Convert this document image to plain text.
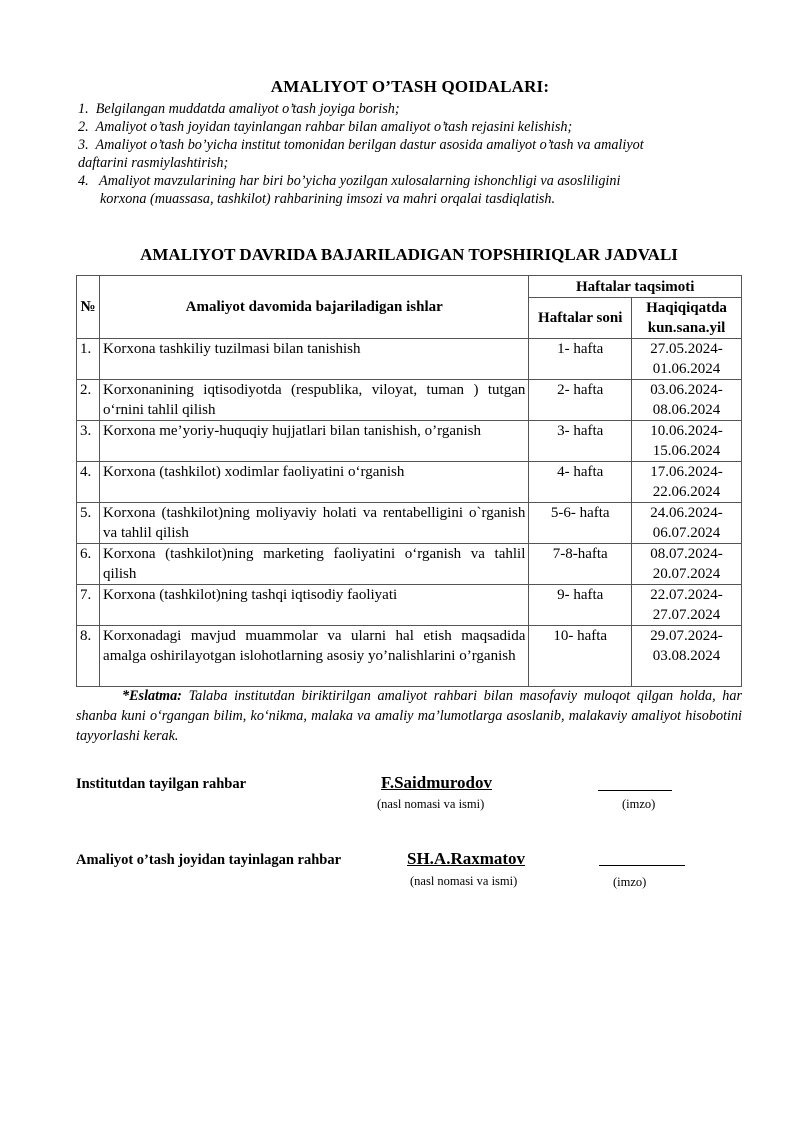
AMALIYOT O’TASH QOIDALARI:

1. Belgilangan muddatda amaliyot o’tash joyiga borish;

2. Amaliyot o’tash joyidan tayinlangan rahbar bilan amaliyot o’tash rejasini kelishish;

3. Amaliyot o’tash bo’yicha institut tomonidan berilgan dastur asosida amaliyot o’tash va amaliyot

daftarini rasmiylashtirish;

4. Amaliyot mavzularining har biri bo’yicha yozilgan xulosalarning ishonchligi va asosliligini

korxona (muassasa, tashkilot) rahbarining imsozi va mahri orqalai tasdiqlatish.

AMALIYOT DAVRIDA BAJARILADIGAN TOPSHIRIQLAR JADVALI
№	Amaliyot davomida bajariladigan ishlar	Haftalar taqsimoti	
		Haftalar soni	Haqiqiqatda
kun.sana.yil
1.	Korxona tashkiliy tuzilmasi bilan tanishish	1- hafta	27.05.2024-
01.06.2024
2.	Korxonanining iqtisodiyotda (respublika, viloyat, tuman ) tutgan o‘rnini tahlil qilish	2- hafta	03.06.2024-
08.06.2024
3.	Korxona me’yoriy-huquqiy hujjatlari bilan tanishish, o’rganish	3- hafta	10.06.2024-
15.06.2024
4.	Korxona (tashkilot) xodimlar faoliyatini o‘rganish	4- hafta	17.06.2024-
22.06.2024
5.	Korxona (tashkilot)ning moliyaviy holati va rentabelligini o`rganish va tahlil qilish	5-6- hafta	24.06.2024-
06.07.2024
6.	Korxona (tashkilot)ning marketing faoliyatini o‘rganish va tahlil qilish	7-8-hafta	08.07.2024-
20.07.2024
7.	Korxona (tashkilot)ning tashqi iqtisodiy faoliyati	9- hafta	22.07.2024-
27.07.2024
8.	Korxonadagi mavjud muammolar va ularni hal etish maqsadida amalga oshirilayotgan islohotlarning asosiy yo’nalishlarini o’rganish	10- hafta	29.07.2024-
03.08.2024
*Eslatma: Talaba institutdan biriktirilgan amaliyot rahbari bilan masofaviy muloqot qilgan holda, har shanba kuni o‘rgangan bilim, ko‘nikma, malaka va amaliy ma’lumotlarga asoslanib, malakaviy amaliyot hisobotini tayyorlashi kerak.
Institutdan tayilgan rahbar	F.Saidmurodov
(nasl nomasi va ismi)	(imzo)
Amaliyot o’tash joyidan tayinlagan rahbar	SH.A.Raxmatov
(nasl nomasi va ismi)	(imzo)
